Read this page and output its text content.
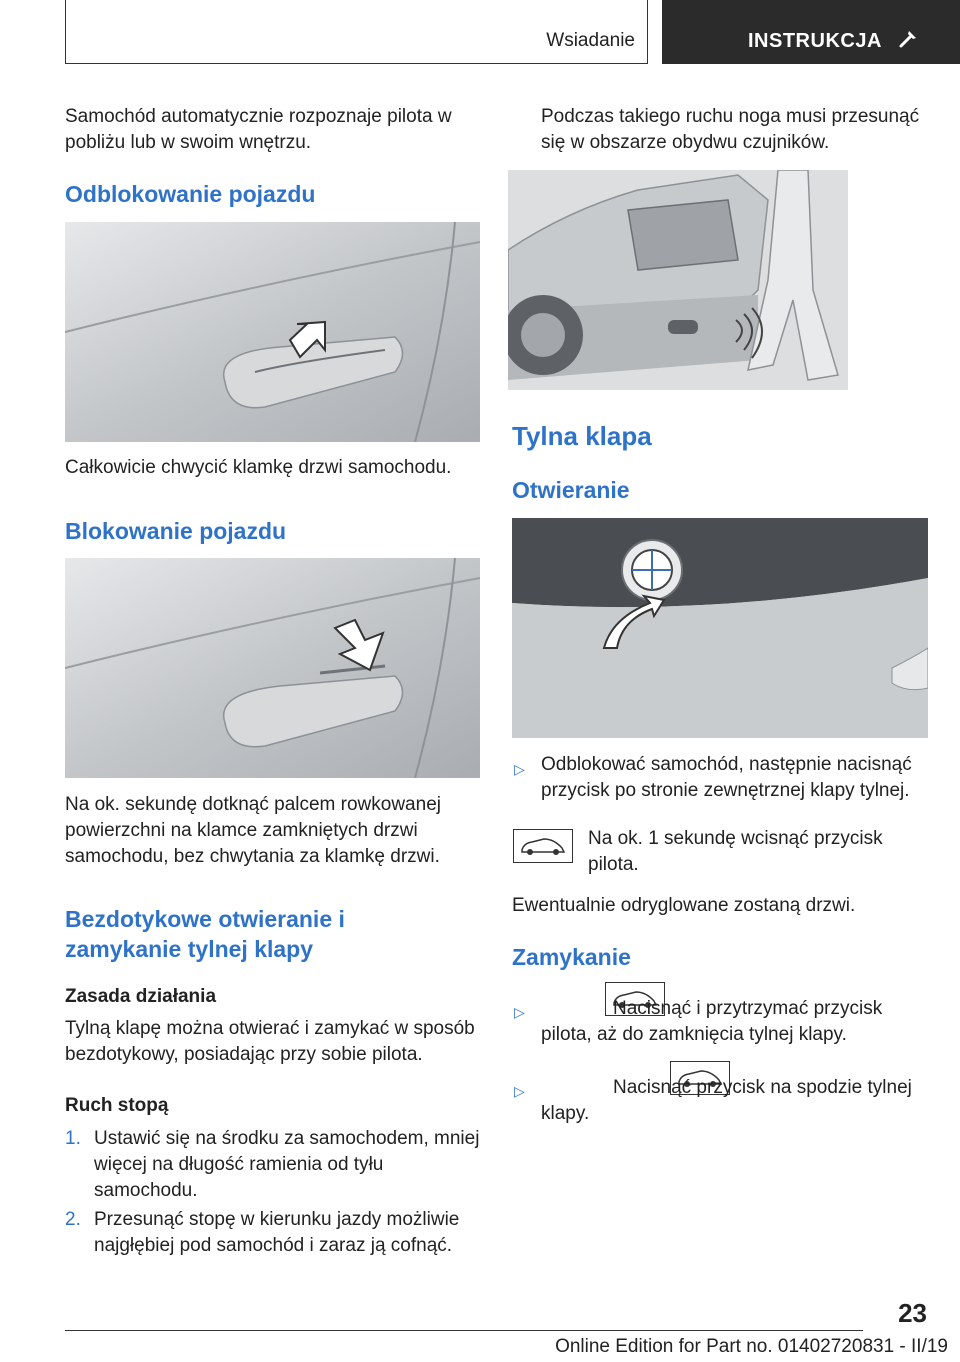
Wsiadanie	INSTRUKCJA

Samochód automatycznie rozpoznaje pilota w pobliżu lub w swoim wnętrzu.

Odblokowanie pojazdu

Całkowicie chwycić klamkę drzwi samochodu.

Blokowanie pojazdu

Na ok. sekundę dotknąć palcem rowkowanej powierzchni na klamce zamkniętych drzwi samochodu, bez chwytania za klamkę drzwi.

Bezdotykowe otwieranie i
zamykanie tylnej klapy
Zasada działania

Tylną klapę można otwierać i zamykać w sposób bezdotykowy, posiadając przy sobie pilota.

Ruch stopą
1. Ustawić się na środku za samochodem, mniej więcej na długość ramienia od tyłu samochodu.
2. Przesunąć stopę w kierunku jazdy możliwie najgłębiej pod samochód i zaraz ją cofnąć.

Podczas takiego ruchu noga musi przesunąć się w obszarze obydwu czujników.

Tylna klapa
Otwieranie
▷ Odblokować samochód, następnie nacisnąć przycisk po stronie zewnętrznej klapy tylnej.

Na ok. 1 sekundę wcisnąć przycisk pilota.

Ewentualnie odryglowane zostaną drzwi.

Zamykanie
▷
	Nacisnąć i przytrzymać przycisk pilota, aż do zamknięcia tylnej klapy.

▷	Nacisnąć przycisk na spodzie tylnej klapy.

23
Online Edition for Part no. 01402720831 - II/19
